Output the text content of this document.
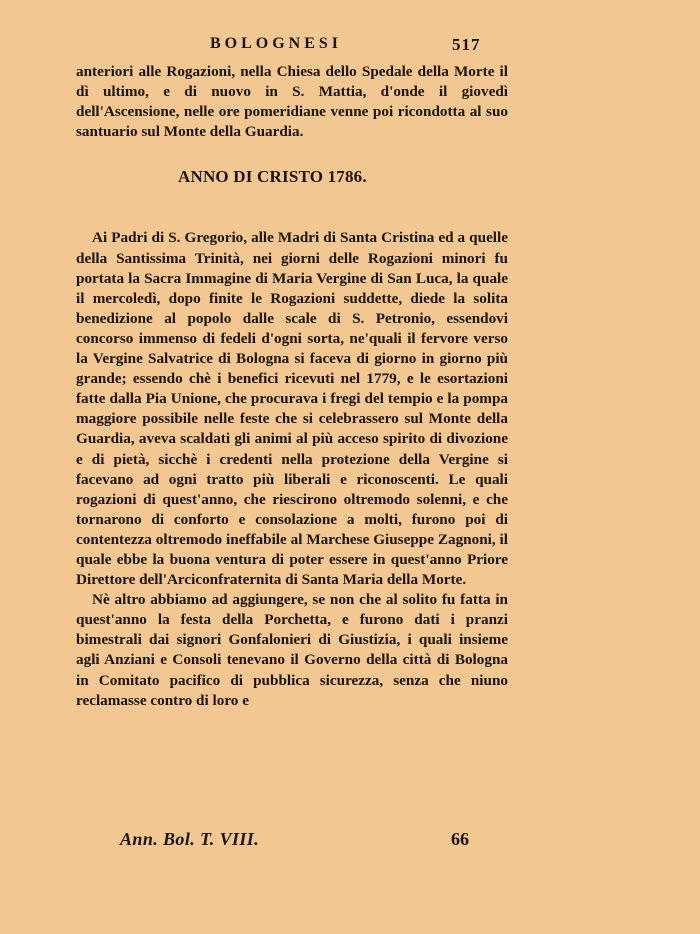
BOLOGNESI	517

anteriori alle Rogazioni, nella Chiesa dello Spedale della Morte il dì ultimo, e di nuovo in S. Mattia, d'onde il giovedì dell'Ascensione, nelle ore pomeridiane venne poi ricondotta al suo santuario sul Monte della Guardia.

ANNO DI CRISTO 1786.

Ai Padri di S. Gregorio, alle Madri di Santa Cristina ed a quelle della Santissima Trinità, nei giorni delle Rogazioni minori fu portata la Sacra Immagine di Maria Vergine di San Luca, la quale il mercoledì, dopo finite le Rogazioni suddette, diede la solita benedizione al popolo dalle scale di S. Petronio, essendovi concorso immenso di fedeli d'ogni sorta, ne'quali il fervore verso la Vergine Salvatrice di Bologna si faceva di giorno in giorno più grande; essendo chè i benefici ricevuti nel 1779, e le esortazioni fatte dalla Pia Unione, che procurava i fregi del tempio e la pompa maggiore possibile nelle feste che si celebrassero sul Monte della Guardia, aveva scaldati gli animi al più acceso spirito di divozione e di pietà, sicchè i credenti nella protezione della Vergine si facevano ad ogni tratto più liberali e riconoscenti. Le quali rogazioni di quest'anno, che riescirono oltremodo solenni, e che tornarono di conforto e consolazione a molti, furono poi di contentezza oltremodo ineffabile al Marchese Giuseppe Zagnoni, il quale ebbe la buona ventura di poter essere in quest'anno Priore Direttore dell'Arciconfraternita di Santa Maria della Morte.

Nè altro abbiamo ad aggiungere, se non che al solito fu fatta in quest'anno la festa della Porchetta, e furono dati i pranzi bimestrali dai signori Gonfalonieri di Giustizia, i quali insieme agli Anziani e Consoli tenevano il Governo della città di Bologna in Comitato pacifico di pubblica sicurezza, senza che niuno reclamasse contro di loro e

Ann. Bol. T. VIII.	66
